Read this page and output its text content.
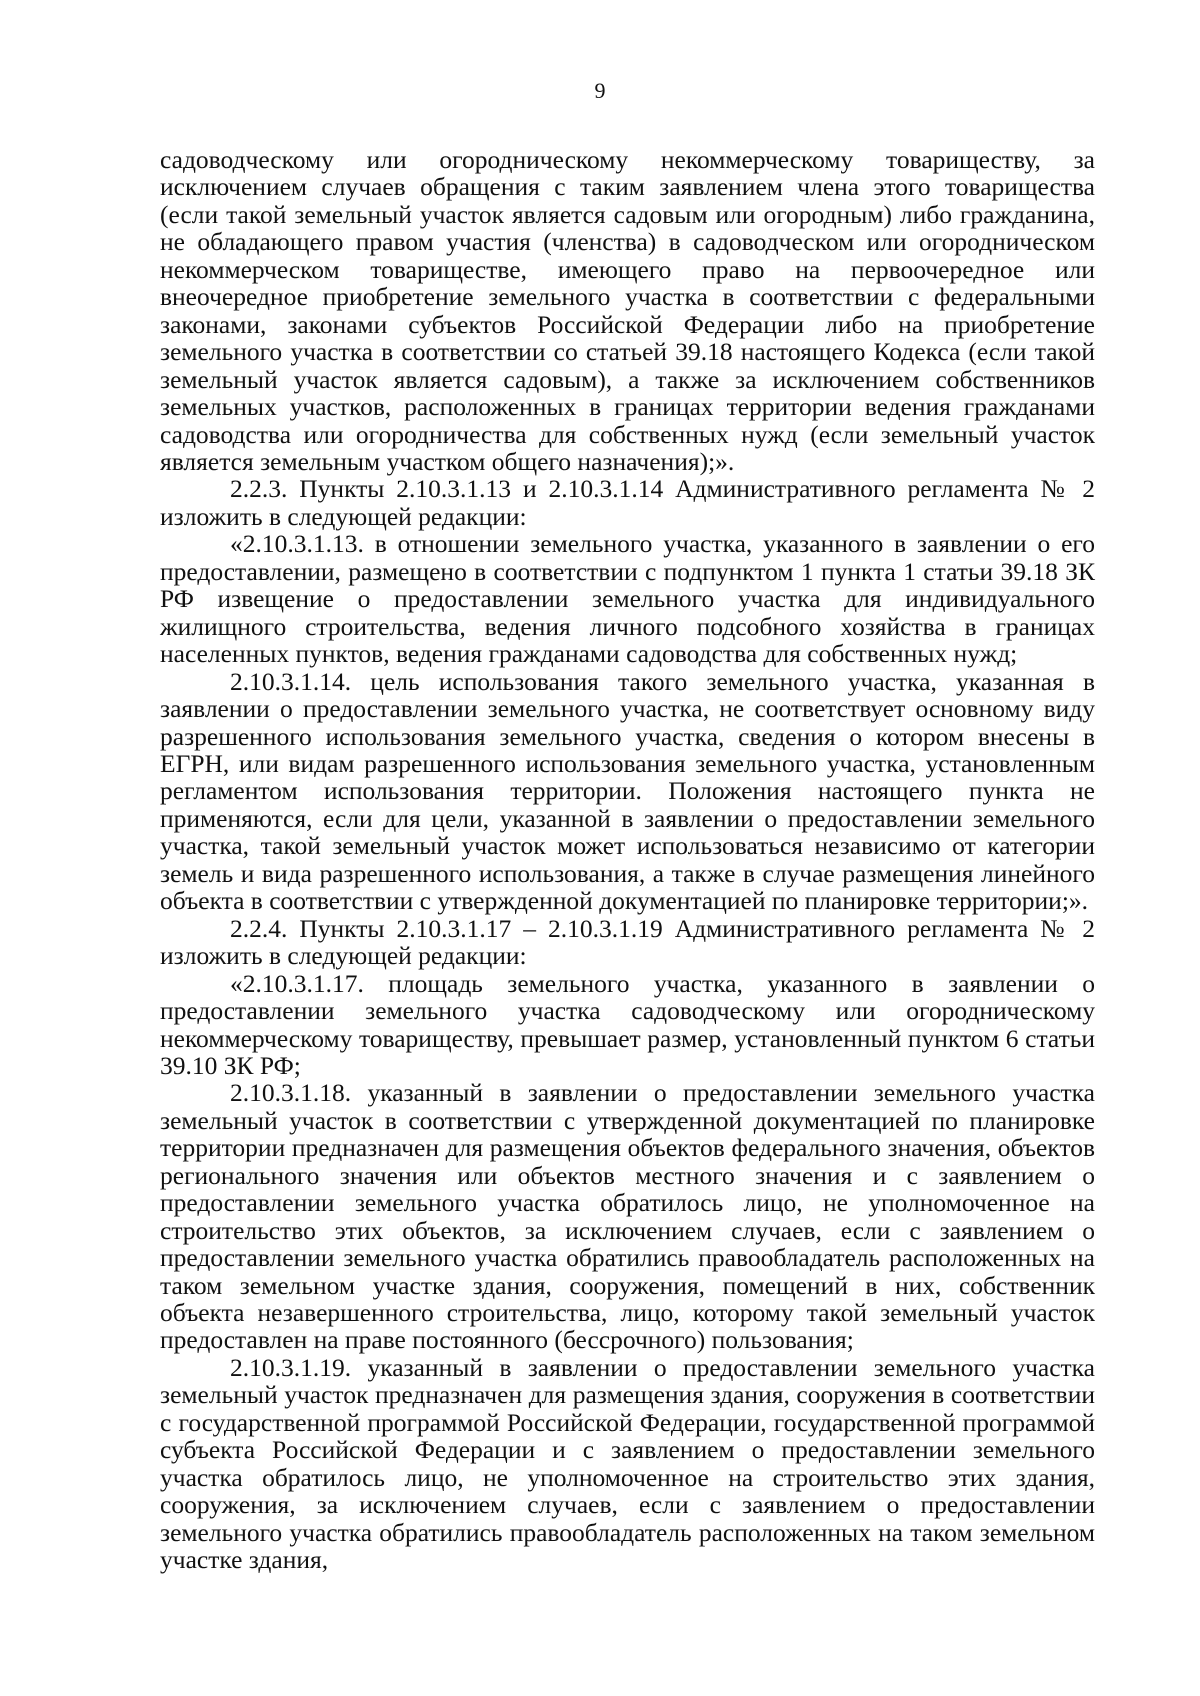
9

садоводческому или огородническому некоммерческому товариществу, за исключением случаев обращения с таким заявлением члена этого товарищества (если такой земельный участок является садовым или огородным) либо гражданина, не обладающего правом участия (членства) в садоводческом или огородническом некоммерческом товариществе, имеющего право на первоочередное или внеочередное приобретение земельного участка в соответствии с федеральными законами, законами субъектов Российской Федерации либо на приобретение земельного участка в соответствии со статьей 39.18 настоящего Кодекса (если такой земельный участок является садовым), а также за исключением собственников земельных участков, расположенных в границах территории ведения гражданами садоводства или огородничества для собственных нужд (если земельный участок является земельным участком общего назначения);».

2.2.3. Пункты 2.10.3.1.13 и 2.10.3.1.14 Административного регламента № 2 изложить в следующей редакции:

«2.10.3.1.13. в отношении земельного участка, указанного в заявлении о его предоставлении, размещено в соответствии с подпунктом 1 пункта 1 статьи 39.18 ЗК РФ извещение о предоставлении земельного участка для индивидуального жилищного строительства, ведения личного подсобного хозяйства в границах населенных пунктов, ведения гражданами садоводства для собственных нужд;

2.10.3.1.14. цель использования такого земельного участка, указанная в заявлении о предоставлении земельного участка, не соответствует основному виду разрешенного использования земельного участка, сведения о котором внесены в ЕГРН, или видам разрешенного использования земельного участка, установленным регламентом использования территории. Положения настоящего пункта не применяются, если для цели, указанной в заявлении о предоставлении земельного участка, такой земельный участок может использоваться независимо от категории земель и вида разрешенного использования, а также в случае размещения линейного объекта в соответствии с утвержденной документацией по планировке территории;».

2.2.4. Пункты 2.10.3.1.17 – 2.10.3.1.19 Административного регламента № 2 изложить в следующей редакции:

«2.10.3.1.17. площадь земельного участка, указанного в заявлении о предоставлении земельного участка садоводческому или огородническому некоммерческому товариществу, превышает размер, установленный пунктом 6 статьи 39.10 ЗК РФ;

2.10.3.1.18. указанный в заявлении о предоставлении земельного участка земельный участок в соответствии с утвержденной документацией по планировке территории предназначен для размещения объектов федерального значения, объектов регионального значения или объектов местного значения и с заявлением о предоставлении земельного участка обратилось лицо, не уполномоченное на строительство этих объектов, за исключением случаев, если с заявлением о предоставлении земельного участка обратились правообладатель расположенных на таком земельном участке здания, сооружения, помещений в них, собственник объекта незавершенного строительства, лицо, которому такой земельный участок предоставлен на праве постоянного (бессрочного) пользования;

2.10.3.1.19. указанный в заявлении о предоставлении земельного участка земельный участок предназначен для размещения здания, сооружения в соответствии с государственной программой Российской Федерации, государственной программой субъекта Российской Федерации и с заявлением о предоставлении земельного участка обратилось лицо, не уполномоченное на строительство этих здания, сооружения, за исключением случаев, если с заявлением о предоставлении земельного участка обратились правообладатель расположенных на таком земельном участке здания,
